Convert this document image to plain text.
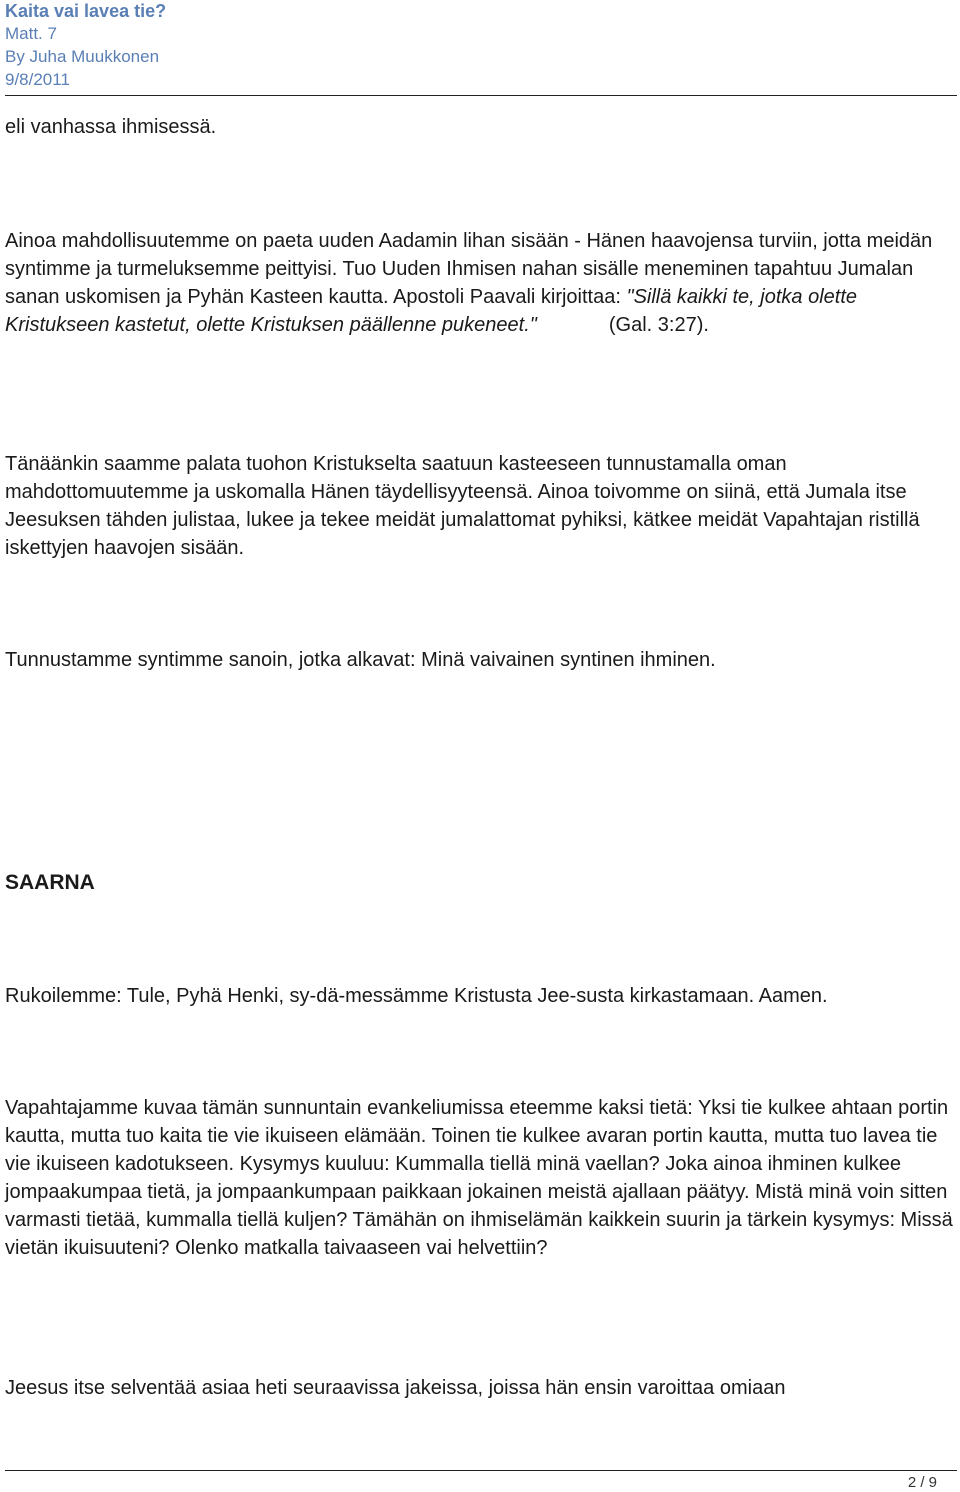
Kaita vai lavea tie?
Matt. 7
By Juha Muukkonen
9/8/2011

eli vanhassa ihmisessä.

Ainoa mahdollisuutemme on paeta uuden Aadamin lihan sisään - Hänen haavojensa turviin, jotta meidän syntimme ja turmeluksemme peittyisi. Tuo Uuden Ihmisen nahan sisälle meneminen tapahtuu Jumalan sanan uskomisen ja Pyhän Kasteen kautta. Apostoli Paavali kirjoittaa: "Sillä kaikki te, jotka olette Kristukseen kastetut, olette Kristuksen päällenne pukeneet."	(Gal. 3:27).

Tänäänkin saamme palata tuohon Kristukselta saatuun kasteeseen tunnustamalla oman mahdottomuutemme ja uskomalla Hänen täydellisyyteensä. Ainoa toivomme on siinä, että Jumala itse Jeesuksen tähden julistaa, lukee ja tekee meidät jumalattomat pyhiksi, kätkee meidät Vapahtajan ristillä iskettyjen haavojen sisään.

Tunnustamme syntimme sanoin, jotka alkavat: Minä vaivainen syntinen ihminen.

SAARNA

Rukoilemme: Tule, Pyhä Henki, sy-dä-messämme Kristusta Jee-susta kirkastamaan. Aamen.

Vapahtajamme kuvaa tämän sunnuntain evankeliumissa eteemme kaksi tietä: Yksi tie kulkee ahtaan portin kautta, mutta tuo kaita tie vie ikuiseen elämään. Toinen tie kulkee avaran portin kautta, mutta tuo lavea tie vie ikuiseen kadotukseen. Kysymys kuuluu: Kummalla tiellä minä vaellan? Joka ainoa ihminen kulkee jompaakumpaa tietä, ja jompaankumpaan paikkaan jokainen meistä ajallaan päätyy. Mistä minä voin sitten varmasti tietää, kummalla tiellä kuljen? Tämähän on ihmiselämän kaikkein suurin ja tärkein kysymys: Missä vietän ikuisuuteni? Olenko matkalla taivaaseen vai helvettiin?

Jeesus itse selventää asiaa heti seuraavissa jakeissa, joissa hän ensin varoittaa omiaan

2 / 9
